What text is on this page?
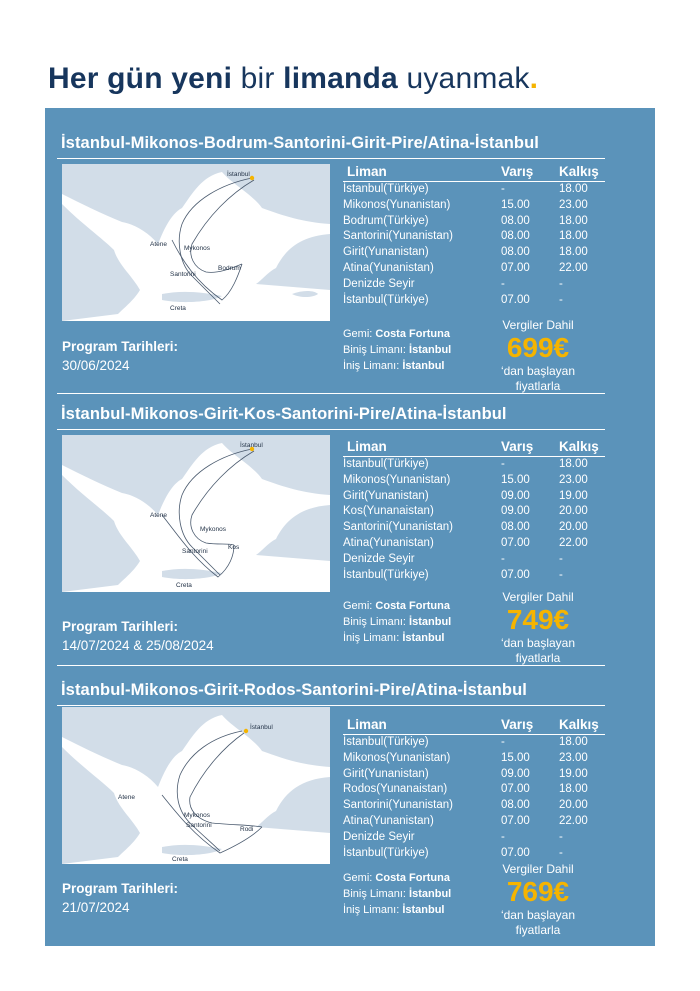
Her gün yeni bir limanda uyanmak.
İstanbul-Mikonos-Bodrum-Santorini-Girit-Pire/Atina-İstanbul
İstanbul
Atene
Mykonos
Santorini
Bodrum
Creta
Program Tarihleri:
30/06/2024
Liman	Varış Kalkış
İstanbul(Türkiye)	-	18.00
Mikonos(Yunanistan)	15.00	23.00
Bodrum(Türkiye)	08.00	18.00
Santorini(Yunanistan)	08.00	18.00
Girit(Yunanistan)	08.00	18.00
Atina(Yunanistan)	07.00	22.00
Denizde Seyir	-	-
İstanbul(Türkiye)	07.00	-
Gemi: Costa Fortuna
Biniş Limanı: İstanbul
İniş Limanı: İstanbul
Vergiler Dahil
699€
‘dan başlayan
fiyatlarla
İstanbul-Mikonos-Girit-Kos-Santorini-Pire/Atina-İstanbul
İstanbul
Atene
Mykonos
Santorini
Kos
Creta
Program Tarihleri:
14/07/2024 & 25/08/2024
Liman	Varış Kalkış
İstanbul(Türkiye)	-	18.00
Mikonos(Yunanistan)	15.00	23.00
Girit(Yunanistan)	09.00	19.00
Kos(Yunanaistan)	09.00	20.00
Santorini(Yunanistan)	08.00	20.00
Atina(Yunanistan)	07.00	22.00
Denizde Seyir	-	-
İstanbul(Türkiye)	07.00	-
Gemi: Costa Fortuna
Biniş Limanı: İstanbul
İniş Limanı: İstanbul
Vergiler Dahil
749€
‘dan başlayan
fiyatlarla
İstanbul-Mikonos-Girit-Rodos-Santorini-Pire/Atina-İstanbul
İstanbul
Atene
Mykonos
Santorini
Rodi
Creta
Program Tarihleri:
21/07/2024
Liman	Varış Kalkış
İstanbul(Türkiye)	-	18.00
Mikonos(Yunanistan)	15.00	23.00
Girit(Yunanistan)	09.00	19.00
Rodos(Yunanaistan)	07.00	18.00
Santorini(Yunanistan)	08.00	20.00
Atina(Yunanistan)	07.00	22.00
Denizde Seyir	-	-
İstanbul(Türkiye)	07.00	-
Gemi: Costa Fortuna
Biniş Limanı: İstanbul
İniş Limanı: İstanbul
Vergiler Dahil
769€
‘dan başlayan
fiyatlarla
